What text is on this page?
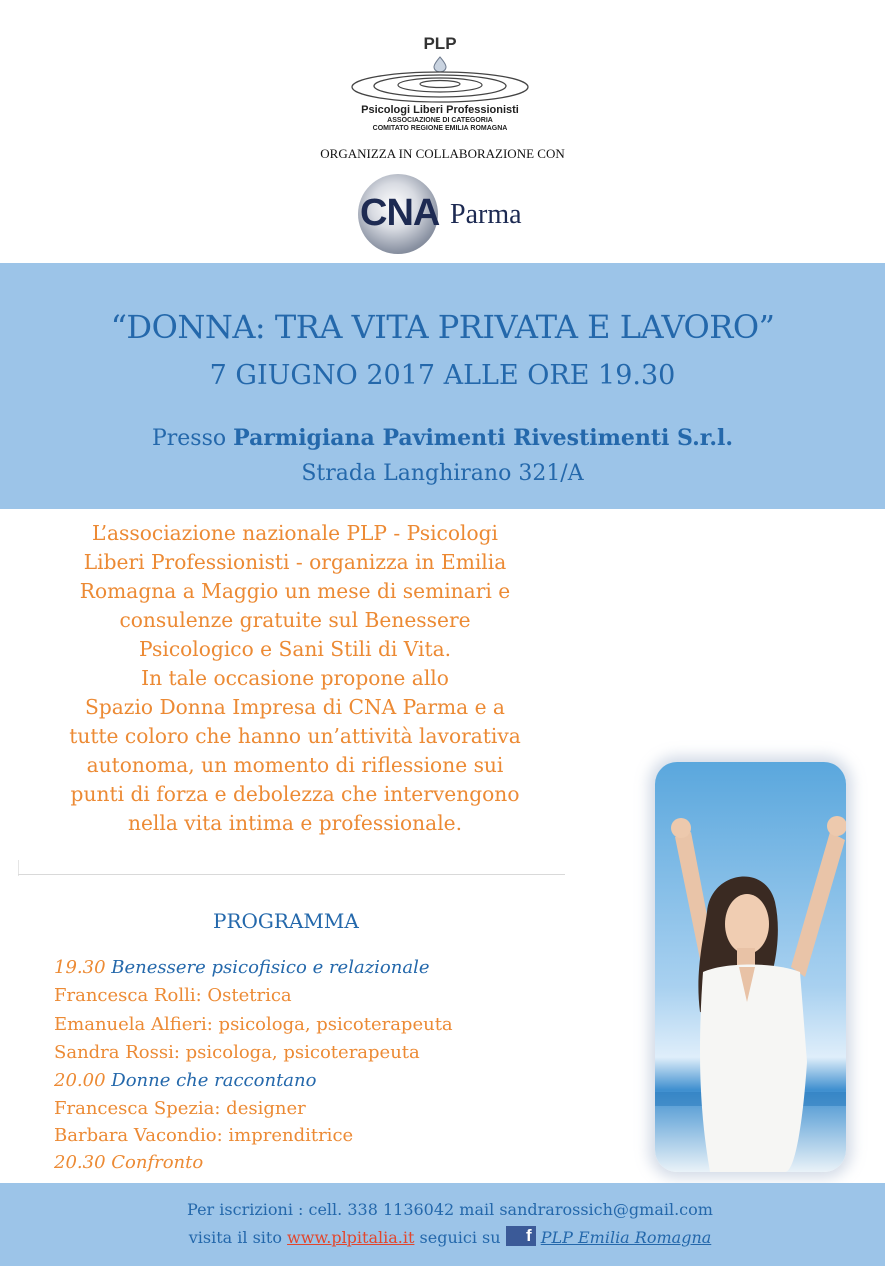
PLP
Psicologi Liberi Professionisti
ASSOCIAZIONE DI CATEGORIA
COMITATO REGIONE EMILIA ROMAGNA
ORGANIZZA IN COLLABORAZIONE CON
CNA Parma
“DONNA: TRA VITA PRIVATA E LAVORO”
7 GIUGNO 2017 ALLE ORE 19.30
Presso Parmigiana Pavimenti Rivestimenti S.r.l.
Strada Langhirano 321/A
L’associazione nazionale PLP - Psicologi
Liberi Professionisti - organizza in Emilia
Romagna a Maggio un mese di seminari e
consulenze gratuite sul Benessere
Psicologico e Sani Stili di Vita.
In tale occasione propone allo
Spazio Donna Impresa di CNA Parma e a
tutte coloro che hanno un’attività lavorativa
autonoma, un momento di riflessione sui
punti di forza e debolezza che intervengono
nella vita intima e professionale.
PROGRAMMA
19.30 Benessere psicofisico e relazionale
Francesca Rolli: Ostetrica
Emanuela Alfieri: psicologa, psicoterapeuta
Sandra Rossi: psicologa, psicoterapeuta
20.00 Donne che raccontano
Francesca Spezia: designer
Barbara Vacondio: imprenditrice
20.30 Confronto
Per iscrizioni : cell. 338 1136042 mail sandrarossich@gmail.com
visita il sito www.plpitalia.it seguici su f PLP Emilia Romagna
